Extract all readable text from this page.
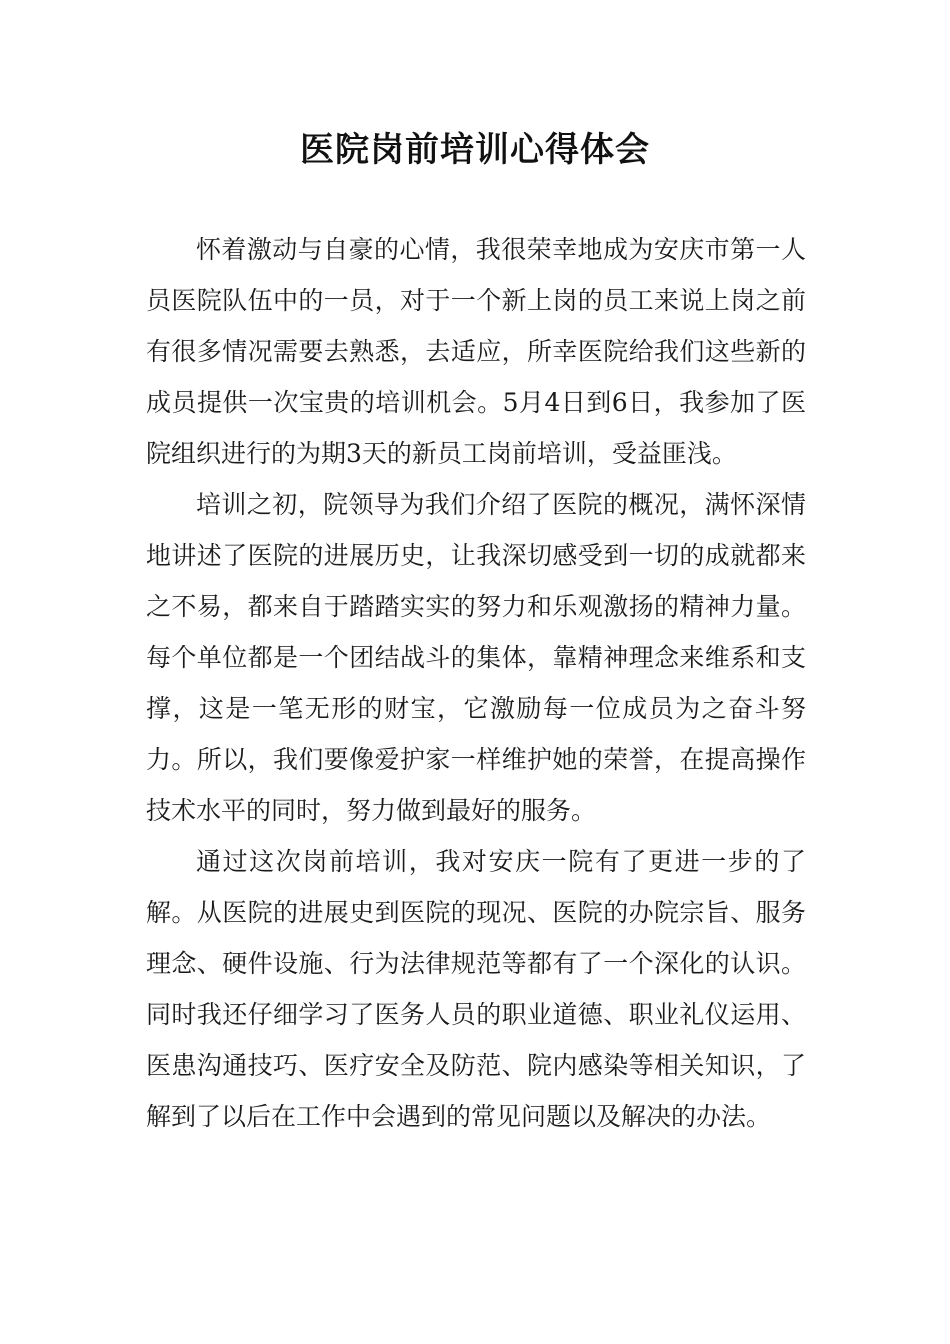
医院岗前培训心得体会

怀着激动与自豪的心情，我很荣幸地成为安庆市第一人员医院队伍中的一员，对于一个新上岗的员工来说上岗之前有很多情况需要去熟悉，去适应，所幸医院给我们这些新的成员提供一次宝贵的培训机会。5月4日到6日，我参加了医院组织进行的为期3天的新员工岗前培训，受益匪浅。

培训之初，院领导为我们介绍了医院的概况，满怀深情地讲述了医院的进展历史，让我深切感受到一切的成就都来之不易，都来自于踏踏实实的努力和乐观激扬的精神力量。每个单位都是一个团结战斗的集体，靠精神理念来维系和支撑，这是一笔无形的财宝，它激励每一位成员为之奋斗努力。所以，我们要像爱护家一样维护她的荣誉，在提高操作技术水平的同时，努力做到最好的服务。

通过这次岗前培训，我对安庆一院有了更进一步的了解。从医院的进展史到医院的现况、医院的办院宗旨、服务理念、硬件设施、行为法律规范等都有了一个深化的认识。同时我还仔细学习了医务人员的职业道德、职业礼仪运用、医患沟通技巧、医疗安全及防范、院内感染等相关知识，了解到了以后在工作中会遇到的常见问题以及解决的办法。
